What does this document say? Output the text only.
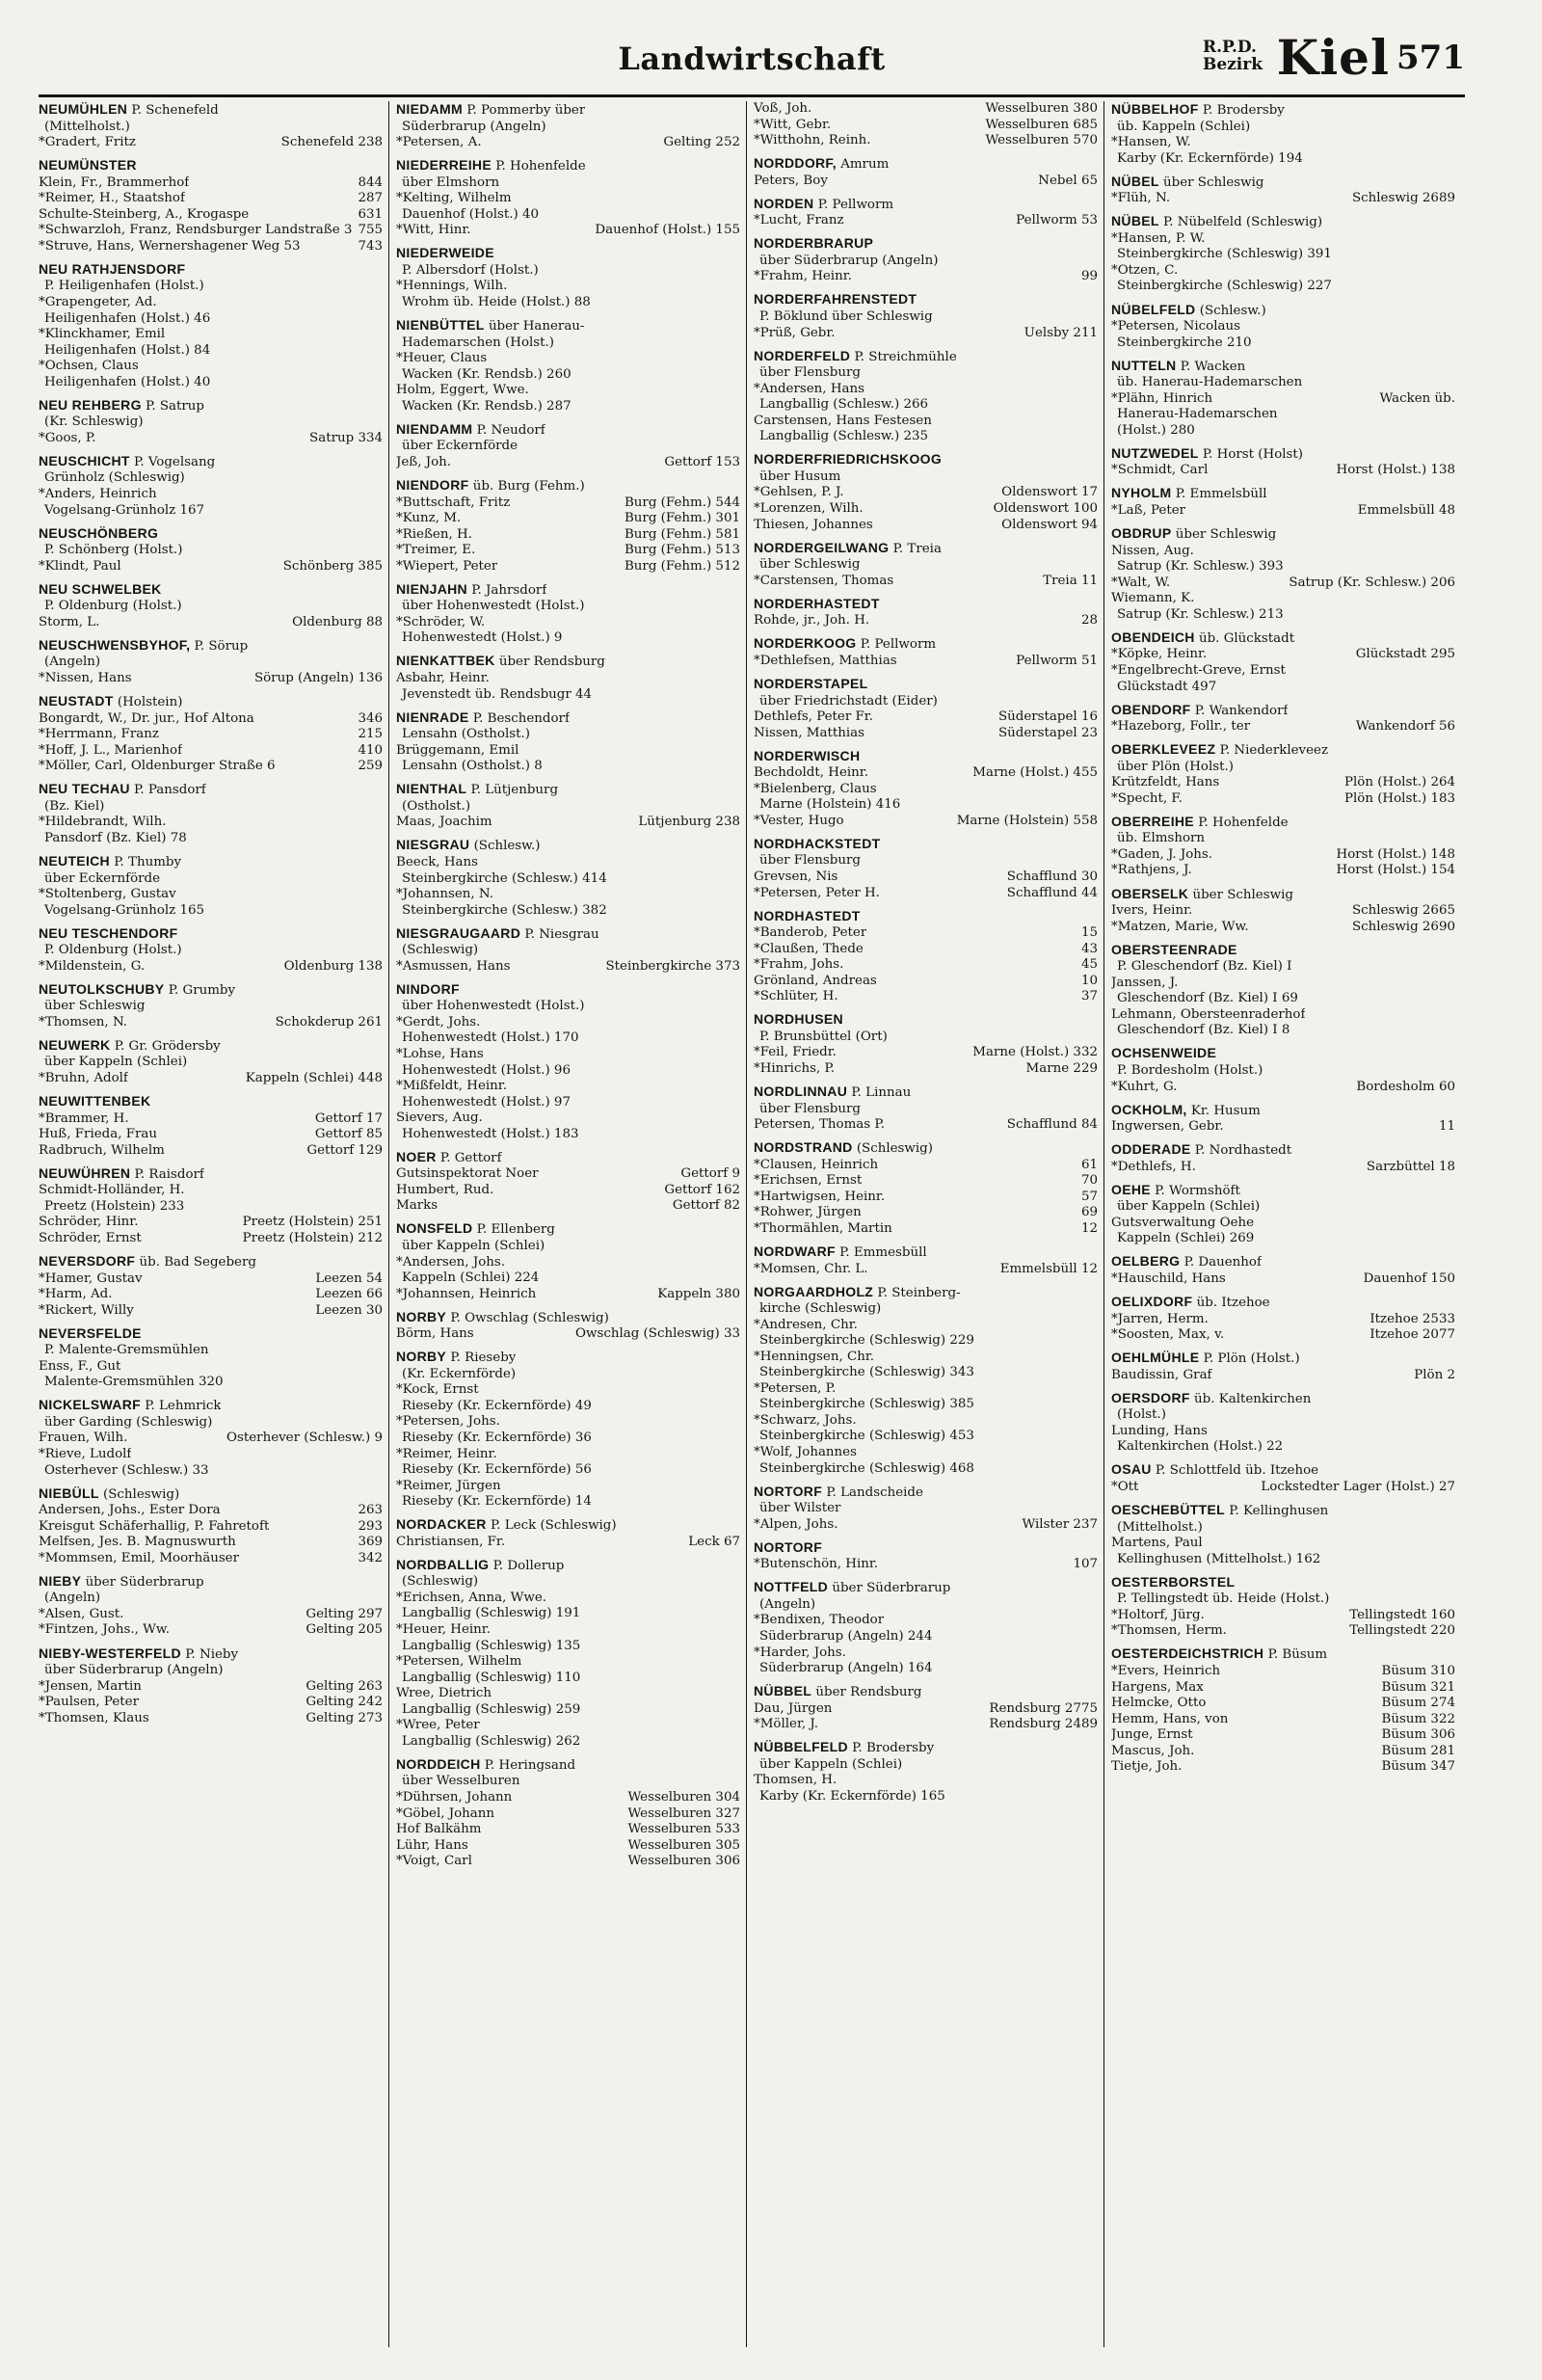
Landwirtschaft	R.P.D.
Bezirk Kiel 571
NEUMÜHLEN P. Schenefeld
(Mittelholst.)
*Gradert, Fritz	Schenefeld 238
NEUMÜNSTER
Klein, Fr., Brammerhof	844
*Reimer, H., Staatshof	287
Schulte-Steinberg, A., Krogaspe	631
*Schwarzloh, Franz, Rendsburger Landstraße 3 755
*Struve, Hans, Wernershagener Weg 53	743
NEU RATHJENSDORF
P. Heiligenhafen (Holst.)
*Grapengeter, Ad.
Heiligenhafen (Holst.) 46
*Klinckhamer, Emil
Heiligenhafen (Holst.) 84
*Ochsen, Claus
Heiligenhafen (Holst.) 40
NEU REHBERG P. Satrup
(Kr. Schleswig)
*Goos, P.	Satrup 334
NEUSCHICHT P. Vogelsang
Grünholz (Schleswig)
*Anders, Heinrich
Vogelsang-Grünholz 167
NEUSCHÖNBERG
P. Schönberg (Holst.)
*Klindt, Paul	Schönberg 385
NEU SCHWELBEK
P. Oldenburg (Holst.)
Storm, L.	Oldenburg 88
NEUSCHWENSBYHOF, P. Sörup
(Angeln)
*Nissen, Hans	Sörup (Angeln) 136
NEUSTADT (Holstein)
Bongardt, W., Dr. jur., Hof Altona	346
*Herrmann, Franz	215
*Hoff, J. L., Marienhof	410
*Möller, Carl, Oldenburger Straße 6	259
NEU TECHAU P. Pansdorf
(Bz. Kiel)
*Hildebrandt, Wilh.
Pansdorf (Bz. Kiel) 78
NEUTEICH P. Thumby
über Eckernförde
*Stoltenberg, Gustav
Vogelsang-Grünholz 165
NEU TESCHENDORF
P. Oldenburg (Holst.)
*Mildenstein, G.	Oldenburg 138
NEUTOLKSCHUBY P. Grumby
über Schleswig
*Thomsen, N.	Schokderup 261
NEUWERK P. Gr. Grödersby
über Kappeln (Schlei)
*Bruhn, Adolf	Kappeln (Schlei) 448
NEUWITTENBEK
*Brammer, H.	Gettorf 17
Huß, Frieda, Frau	Gettorf 85
Radbruch, Wilhelm	Gettorf 129
NEUWÜHREN P. Raisdorf
Schmidt-Holländer, H.
Preetz (Holstein) 233
Schröder, Hinr.	Preetz (Holstein) 251
Schröder, Ernst	Preetz (Holstein) 212
NEVERSDORF üb. Bad Segeberg
*Hamer, Gustav	Leezen 54
*Harm, Ad.	Leezen 66
*Rickert, Willy	Leezen 30
NEVERSFELDE
P. Malente-Gremsmühlen
Enss, F., Gut
Malente-Gremsmühlen 320
NICKELSWARF P. Lehmrick
über Garding (Schleswig)
Frauen, Wilh.	Osterhever (Schlesw.) 9
*Rieve, Ludolf
Osterhever (Schlesw.) 33
NIEBÜLL (Schleswig)
Andersen, Johs., Ester Dora	263
Kreisgut Schäferhallig, P. Fahretoft	293
Melfsen, Jes. B. Magnuswurth	369
*Mommsen, Emil, Moorhäuser	342
NIEBY über Süderbrarup
(Angeln)
*Alsen, Gust.	Gelting 297
*Fintzen, Johs., Ww.	Gelting 205
NIEBY-WESTERFELD P. Nieby
über Süderbrarup (Angeln)
*Jensen, Martin	Gelting 263
*Paulsen, Peter	Gelting 242
*Thomsen, Klaus	Gelting 273
NIEDAMM P. Pommerby über
Süderbrarup (Angeln)
*Petersen, A.	Gelting 252
NIEDERREIHE P. Hohenfelde
über Elmshorn
*Kelting, Wilhelm
Dauenhof (Holst.) 40
*Witt, Hinr.	Dauenhof (Holst.) 155
NIEDERWEIDE
P. Albersdorf (Holst.)
*Hennings, Wilh.
Wrohm üb. Heide (Holst.) 88
NIENBÜTTEL über Hanerau-
Hademarschen (Holst.)
*Heuer, Claus
Wacken (Kr. Rendsb.) 260
Holm, Eggert, Wwe.
Wacken (Kr. Rendsb.) 287
NIENDAMM P. Neudorf
über Eckernförde
Jeß, Joh.	Gettorf 153
NIENDORF üb. Burg (Fehm.)
*Buttschaft, Fritz	Burg (Fehm.) 544
*Kunz, M.	Burg (Fehm.) 301
*Rießen, H.	Burg (Fehm.) 581
*Treimer, E.	Burg (Fehm.) 513
*Wiepert, Peter	Burg (Fehm.) 512
NIENJAHN P. Jahrsdorf
über Hohenwestedt (Holst.)
*Schröder, W.
Hohenwestedt (Holst.) 9
NIENKATTBEK über Rendsburg
Asbahr, Heinr.
Jevenstedt üb. Rendsbugr 44
NIENRADE P. Beschendorf
Lensahn (Ostholst.)
Brüggemann, Emil
Lensahn (Ostholst.) 8
NIENTHAL P. Lütjenburg
(Ostholst.)
Maas, Joachim	Lütjenburg 238
NIESGRAU (Schlesw.)
Beeck, Hans
Steinbergkirche (Schlesw.) 414
*Johannsen, N.
Steinbergkirche (Schlesw.) 382
NIESGRAUGAARD P. Niesgrau
(Schleswig)
*Asmussen, Hans	Steinbergkirche 373
NINDORF
über Hohenwestedt (Holst.)
*Gerdt, Johs.
Hohenwestedt (Holst.) 170
*Lohse, Hans
Hohenwestedt (Holst.) 96
*Mißfeldt, Heinr.
Hohenwestedt (Holst.) 97
Sievers, Aug.
Hohenwestedt (Holst.) 183
NOER P. Gettorf
Gutsinspektorat Noer	Gettorf 9
Humbert, Rud.	Gettorf 162
Marks	Gettorf 82
NONSFELD P. Ellenberg
über Kappeln (Schlei)
*Andersen, Johs.
Kappeln (Schlei) 224
*Johannsen, Heinrich	Kappeln 380
NORBY P. Owschlag (Schleswig)
Börm, Hans	Owschlag (Schleswig) 33
NORBY P. Rieseby
(Kr. Eckernförde)
*Kock, Ernst
Rieseby (Kr. Eckernförde) 49
*Petersen, Johs.
Rieseby (Kr. Eckernförde) 36
*Reimer, Heinr.
Rieseby (Kr. Eckernförde) 56
*Reimer, Jürgen
Rieseby (Kr. Eckernförde) 14
NORDACKER P. Leck (Schleswig)
Christiansen, Fr.	Leck 67
NORDBALLIG P. Dollerup
(Schleswig)
*Erichsen, Anna, Wwe.
Langballig (Schleswig) 191
*Heuer, Heinr.
Langballig (Schleswig) 135
*Petersen, Wilhelm
Langballig (Schleswig) 110
Wree, Dietrich
Langballig (Schleswig) 259
*Wree, Peter
Langballig (Schleswig) 262
NORDDEICH P. Heringsand
über Wesselburen
*Dührsen, Johann	Wesselburen 304
*Göbel, Johann	Wesselburen 327
Hof Balkähm	Wesselburen 533
Lühr, Hans	Wesselburen 305
*Voigt, Carl	Wesselburen 306
Voß, Joh.	Wesselburen 380
*Witt, Gebr.	Wesselburen 685
*Witthohn, Reinh.	Wesselburen 570
NORDDORF, Amrum
Peters, Boy	Nebel 65
NORDEN P. Pellworm
*Lucht, Franz	Pellworm 53
NORDERBRARUP
über Süderbrarup (Angeln)
*Frahm, Heinr.	99
NORDERFAHRENSTEDT
P. Böklund über Schleswig
*Prüß, Gebr.	Uelsby 211
NORDERFELD P. Streichmühle
über Flensburg
*Andersen, Hans
Langballig (Schlesw.) 266
Carstensen, Hans Festesen
Langballig (Schlesw.) 235
NORDERFRIEDRICHSKOOG
über Husum
*Gehlsen, P. J.	Oldenswort 17
*Lorenzen, Wilh.	Oldenswort 100
Thiesen, Johannes	Oldenswort 94
NORDERGEILWANG P. Treia
über Schleswig
*Carstensen, Thomas	Treia 11
NORDERHASTEDT
Rohde, jr., Joh. H.	28
NORDERKOOG P. Pellworm
*Dethlefsen, Matthias	Pellworm 51
NORDERSTAPEL
über Friedrichstadt (Eider)
Dethlefs, Peter Fr.	Süderstapel 16
Nissen, Matthias	Süderstapel 23
NORDERWISCH
Bechdoldt, Heinr.	Marne (Holst.) 455
*Bielenberg, Claus
Marne (Holstein) 416
*Vester, Hugo	Marne (Holstein) 558
NORDHACKSTEDT
über Flensburg
Grevsen, Nis	Schafflund 30
*Petersen, Peter H.	Schafflund 44
NORDHASTEDT
*Banderob, Peter	15
*Claußen, Thede	43
*Frahm, Johs.	45
Grönland, Andreas	10
*Schlüter, H.	37
NORDHUSEN
P. Brunsbüttel (Ort)
*Feil, Friedr.	Marne (Holst.) 332
*Hinrichs, P.	Marne 229
NORDLINNAU P. Linnau
über Flensburg
Petersen, Thomas P.	Schafflund 84
NORDSTRAND (Schleswig)
*Clausen, Heinrich	61
*Erichsen, Ernst	70
*Hartwigsen, Heinr.	57
*Rohwer, Jürgen	69
*Thormählen, Martin	12
NORDWARF P. Emmesbüll
*Momsen, Chr. L.	Emmelsbüll 12
NORGAARDHOLZ P. Steinberg-
kirche (Schleswig)
*Andresen, Chr.
Steinbergkirche (Schleswig) 229
*Henningsen, Chr.
Steinbergkirche (Schleswig) 343
*Petersen, P.
Steinbergkirche (Schleswig) 385
*Schwarz, Johs.
Steinbergkirche (Schleswig) 453
*Wolf, Johannes
Steinbergkirche (Schleswig) 468
NORTORF P. Landscheide
über Wilster
*Alpen, Johs.	Wilster 237
NORTORF
*Butenschön, Hinr.	107
NOTTFELD über Süderbrarup
(Angeln)
*Bendixen, Theodor
Süderbrarup (Angeln) 244
*Harder, Johs.
Süderbrarup (Angeln) 164
NÜBBEL über Rendsburg
Dau, Jürgen	Rendsburg 2775
*Möller, J.	Rendsburg 2489
NÜBBELFELD P. Brodersby
über Kappeln (Schlei)
Thomsen, H.
Karby (Kr. Eckernförde) 165
NÜBBELHOF P. Brodersby
üb. Kappeln (Schlei)
*Hansen, W.
Karby (Kr. Eckernförde) 194
NÜBEL über Schleswig
*Flüh, N.	Schleswig 2689
NÜBEL P. Nübelfeld (Schleswig)
*Hansen, P. W.
Steinbergkirche (Schleswig) 391
*Otzen, C.
Steinbergkirche (Schleswig) 227
NÜBELFELD (Schlesw.)
*Petersen, Nicolaus
Steinbergkirche 210
NUTTELN P. Wacken
üb. Hanerau-Hademarschen
*Plähn, Hinrich	Wacken üb.
Hanerau-Hademarschen
(Holst.) 280
NUTZWEDEL P. Horst (Holst)
*Schmidt, Carl	Horst (Holst.) 138
NYHOLM P. Emmelsbüll
*Laß, Peter	Emmelsbüll 48
OBDRUP über Schleswig
Nissen, Aug.
Satrup (Kr. Schlesw.) 393
*Walt, W.	Satrup (Kr. Schlesw.) 206
Wiemann, K.
Satrup (Kr. Schlesw.) 213
OBENDEICH üb. Glückstadt
*Köpke, Heinr.	Glückstadt 295
*Engelbrecht-Greve, Ernst
Glückstadt 497
OBENDORF P. Wankendorf
*Hazeborg, Follr., ter	Wankendorf 56
OBERKLEVEEZ P. Niederkleveez
über Plön (Holst.)
Krützfeldt, Hans	Plön (Holst.) 264
*Specht, F.	Plön (Holst.) 183
OBERREIHE P. Hohenfelde
üb. Elmshorn
*Gaden, J. Johs.	Horst (Holst.) 148
*Rathjens, J.	Horst (Holst.) 154
OBERSELK über Schleswig
Ivers, Heinr.	Schleswig 2665
*Matzen, Marie, Ww.	Schleswig 2690
OBERSTEENRADE
P. Gleschendorf (Bz. Kiel) I
Janssen, J.
Gleschendorf (Bz. Kiel) I 69
Lehmann, Obersteenraderhof
Gleschendorf (Bz. Kiel) I 8
OCHSENWEIDE
P. Bordesholm (Holst.)
*Kuhrt, G.	Bordesholm 60
OCKHOLM, Kr. Husum
Ingwersen, Gebr.	11
ODDERADE P. Nordhastedt
*Dethlefs, H.	Sarzbüttel 18
OEHE P. Wormshöft
über Kappeln (Schlei)
Gutsverwaltung Oehe
Kappeln (Schlei) 269
OELBERG P. Dauenhof
*Hauschild, Hans	Dauenhof 150
OELIXDORF üb. Itzehoe
*Jarren, Herm.	Itzehoe 2533
*Soosten, Max, v.	Itzehoe 2077
OEHLMÜHLE P. Plön (Holst.)
Baudissin, Graf	Plön 2
OERSDORF üb. Kaltenkirchen
(Holst.)
Lunding, Hans
Kaltenkirchen (Holst.) 22
OSAU P. Schlottfeld üb. Itzehoe
*Ott	Lockstedter Lager (Holst.) 27
OESCHEBÜTTEL P. Kellinghusen
(Mittelholst.)
Martens, Paul
Kellinghusen (Mittelholst.) 162
OESTERBORSTEL
P. Tellingstedt üb. Heide (Holst.)
*Holtorf, Jürg.	Tellingstedt 160
*Thomsen, Herm.	Tellingstedt 220
OESTERDEICHSTRICH P. Büsum
*Evers, Heinrich	Büsum 310
Hargens, Max	Büsum 321
Helmcke, Otto	Büsum 274
Hemm, Hans, von	Büsum 322
Junge, Ernst	Büsum 306
Mascus, Joh.	Büsum 281
Tietje, Joh.	Büsum 347
